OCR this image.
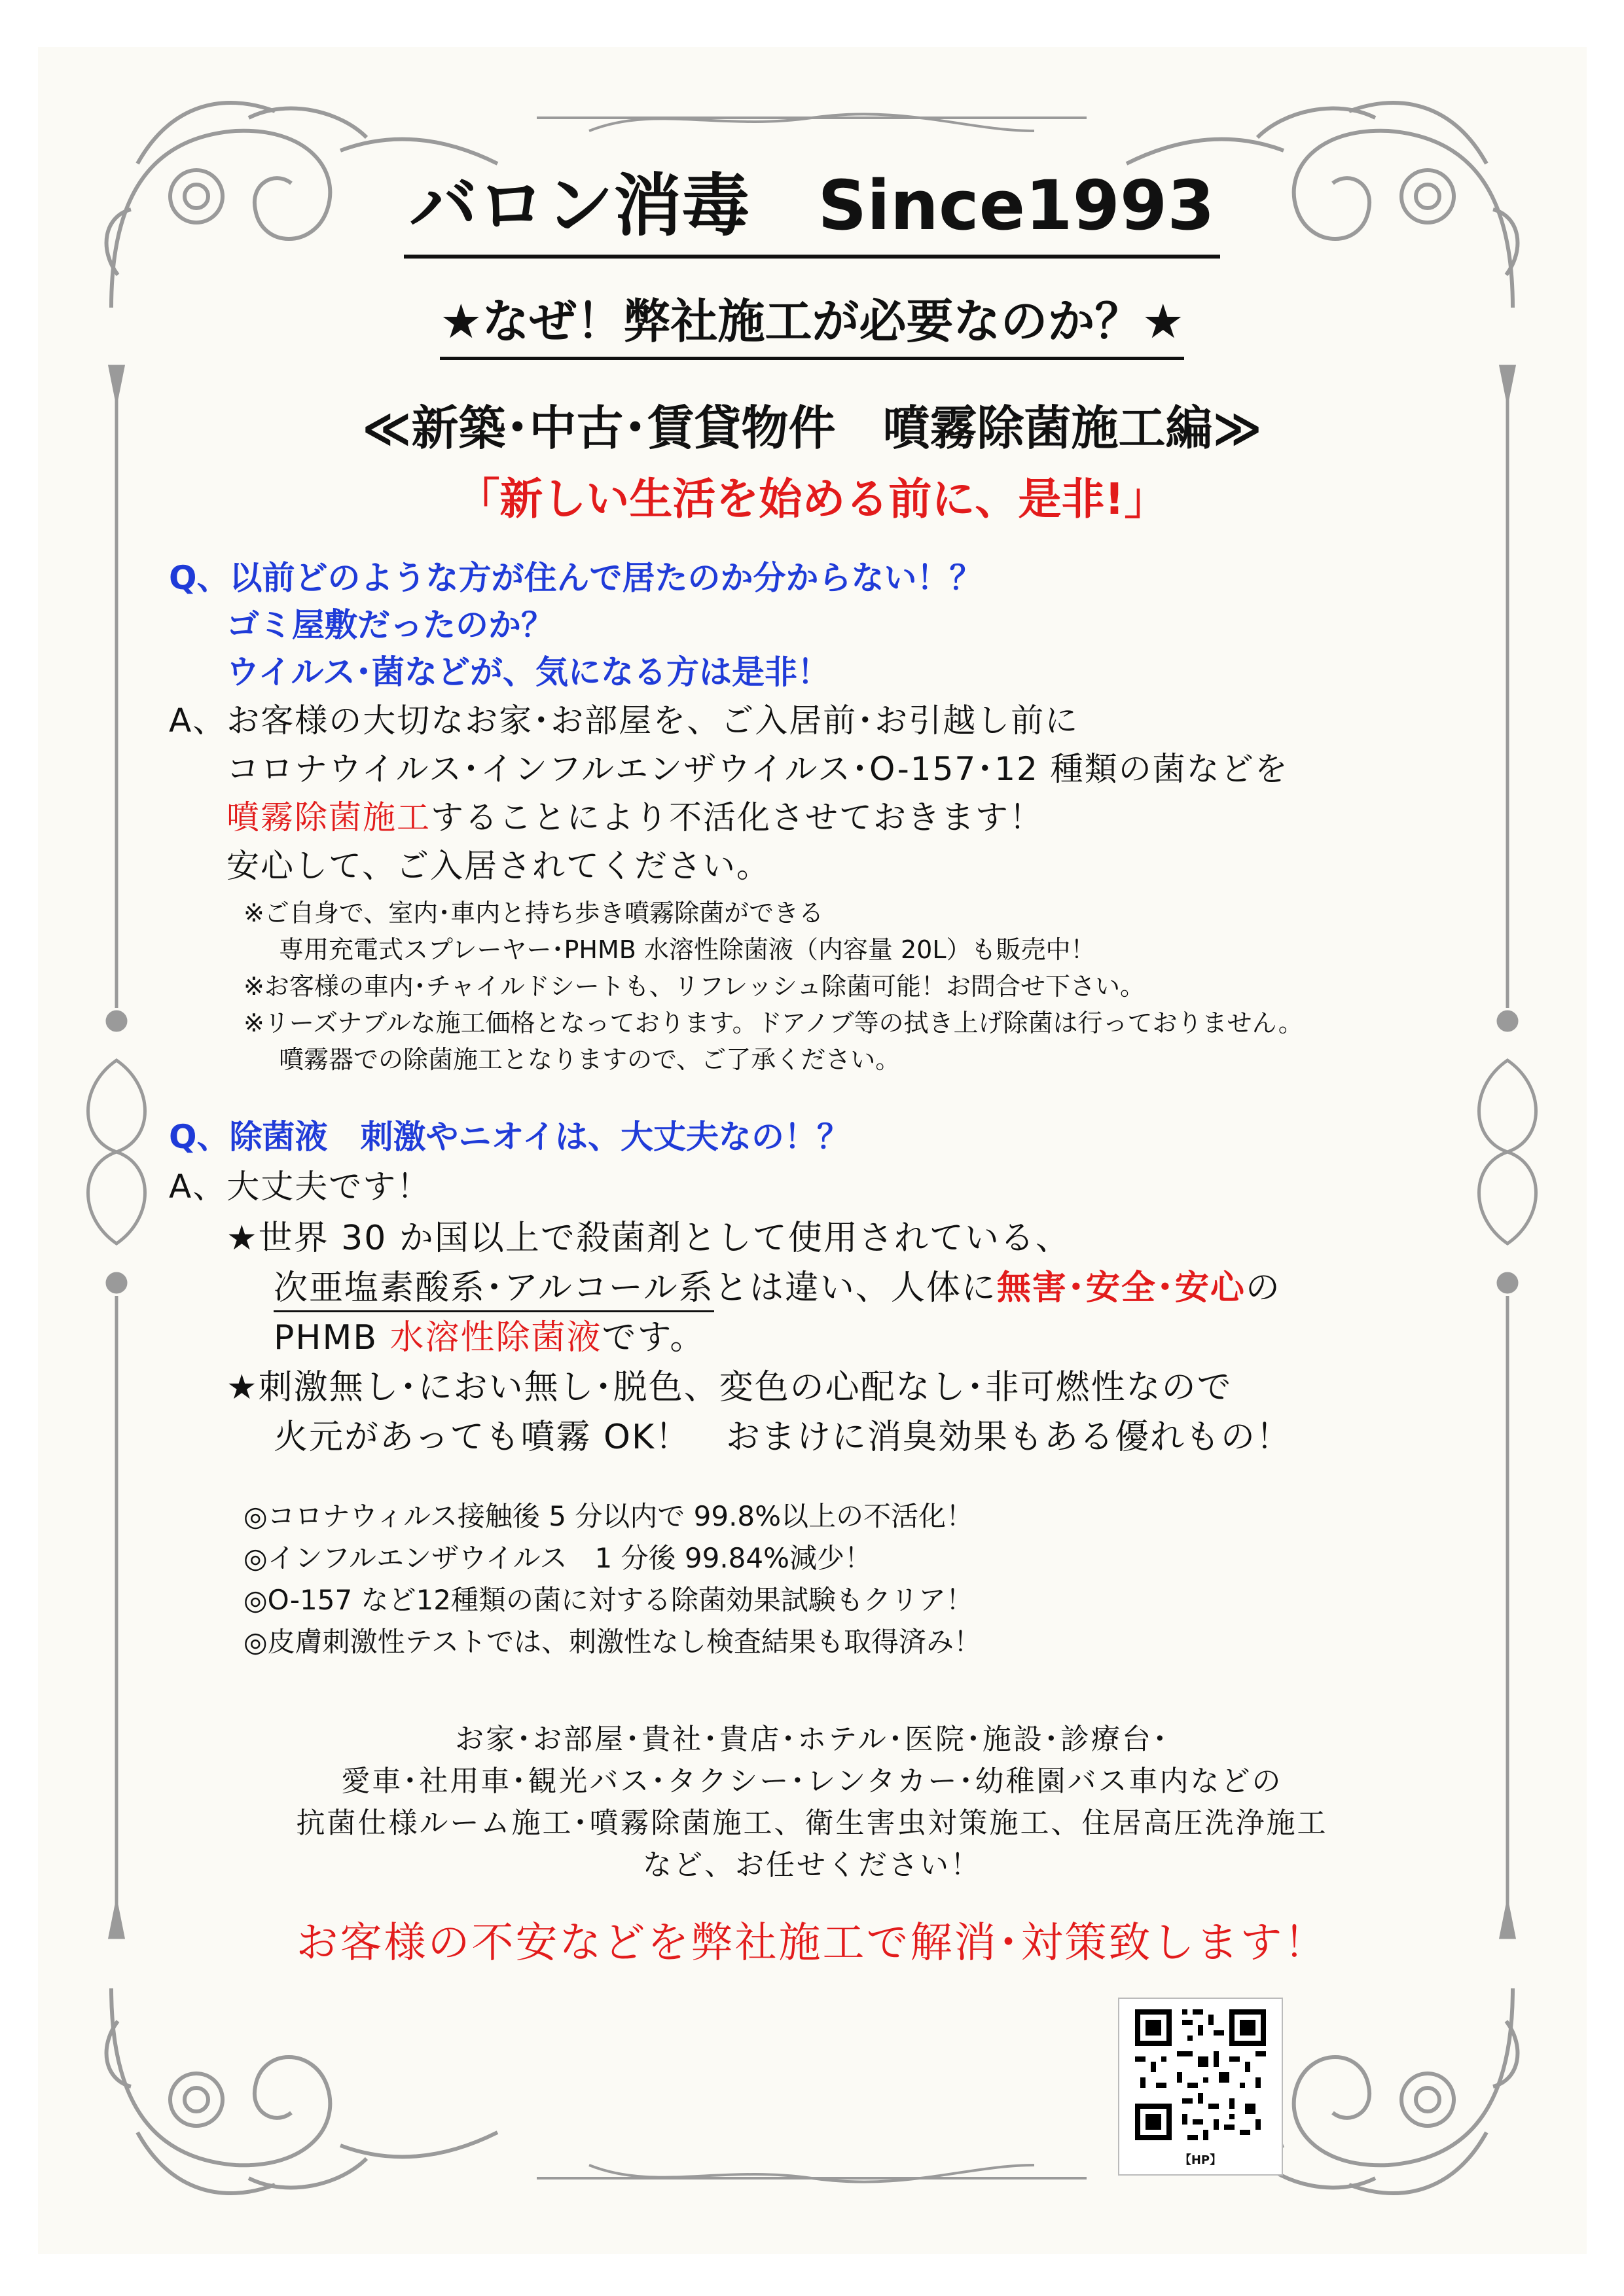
バロン消毒　Since1993
★なぜ！弊社施工が必要なのか？★
≪新築･中古･賃貸物件　噴霧除菌施工編≫
「新しい生活を始める前に、是非!」
Q、以前どのような方が住んで居たのか分からない！？
ゴミ屋敷だったのか？
ウイルス･菌などが、気になる方は是非！
A、お客様の大切なお家･お部屋を、ご入居前･お引越し前に
コロナウイルス･インフルエンザウイルス･O-157･12 種類の菌などを
噴霧除菌施工することにより不活化させておきます！
安心して、ご入居されてください。
※ご自身で、室内･車内と持ち歩き噴霧除菌ができる
専用充電式スプレーヤー･PHMB 水溶性除菌液（内容量 20L）も販売中！
※お客様の車内･チャイルドシートも、リフレッシュ除菌可能！お問合せ下さい。
※リーズナブルな施工価格となっております。ドアノブ等の拭き上げ除菌は行っておりません。
噴霧器での除菌施工となりますので、ご了承ください。
Q、除菌液　刺激やニオイは、大丈夫なの！？
A、大丈夫です！
★世界 30 か国以上で殺菌剤として使用されている、
次亜塩素酸系･アルコール系とは違い、人体に無害･安全･安心の
PHMB 水溶性除菌液です。
★刺激無し･におい無し･脱色、変色の心配なし･非可燃性なので
火元があっても噴霧 OK！　おまけに消臭効果もある優れもの！
◎コロナウィルス接触後 5 分以内で 99.8%以上の不活化！
◎インフルエンザウイルス　1 分後 99.84%減少！
◎O-157 など12種類の菌に対する除菌効果試験もクリア！
◎皮膚刺激性テストでは、刺激性なし検査結果も取得済み！
お家･お部屋･貴社･貴店･ホテル･医院･施設･診療台･
愛車･社用車･観光バス･タクシー･レンタカー･幼稚園バス車内などの
抗菌仕様ルーム施工･噴霧除菌施工、衛生害虫対策施工、住居高圧洗浄施工
など、お任せください！
お客様の不安などを弊社施工で解消･対策致します！
【HP】
